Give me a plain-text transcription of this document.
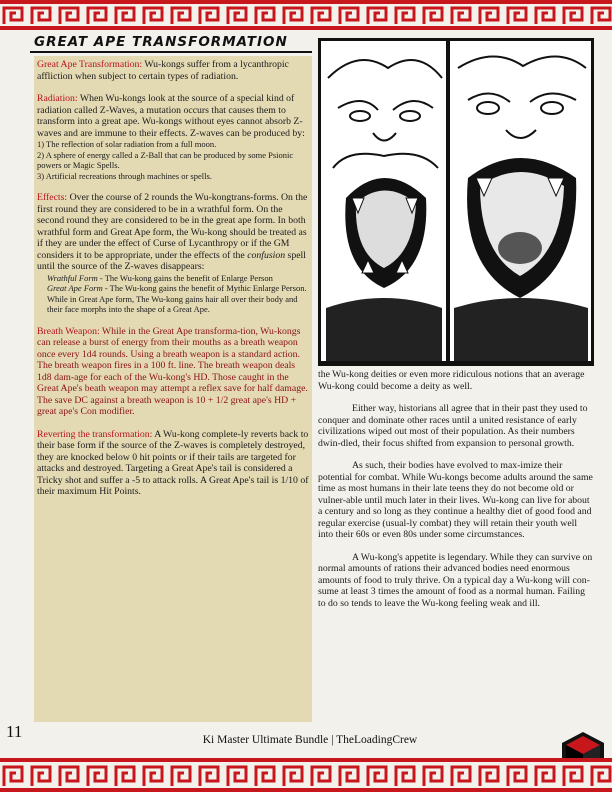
GREAT APE TRANSFORMATION

Great Ape Transformation: Wu-kongs suffer from a lycanthropic affliction when subject to certain types of radiation.

Radiation: When Wu-kongs look at the source of a special kind of radiation called Z-Waves, a mutation occurs that causes them to transform into a great ape. Wu-kongs without eyes cannot absorb Z-waves and are immune to their effects. Z-waves can be produced by:

1) The reflection of solar radiation from a full moon.
2) A sphere of energy called a Z-Ball that can be produced by some Psionic powers or Magic Spells.
3) Artificial recreations through machines or spells.

Effects: Over the course of 2 rounds the Wu-kongtrans-forms. On the first round they are considered to be in a wrathful form. On the second round they are considered to be in the great ape form. In both wrathful form and Great Ape form, the Wu-kong should be treated as if they are under the effect of Curse of Lycanthropy or if the GM considers it to be appropriate, under the effects of the confusion spell until the source of the Z-waves disappears:

Wrathful Form - The Wu-kong gains the benefit of Enlarge Person
Great Ape Form - The Wu-kong gains the benefit of Mythic Enlarge Person. While in Great Ape form, The Wu-kong gains hair all over their body and their face morphs into the shape of a Great Ape.

Breath Weapon: While in the Great Ape transforma-tion, Wu-kongs can release a burst of energy from their mouths as a breath weapon once every 1d4 rounds. Using a breath weapon is a standard action. The breath weapon fires in a 100 ft. line. The breath weapon deals 1d8 dam-age for each of the Wu-kong's HD. Those caught in the Great Ape's beath weapon may attempt a reflex save for half damage. The save DC against a breath weapon is 10 + 1/2 great ape's HD + great ape's Con modifier.

Reverting the transformation: A Wu-kong complete-ly reverts back to their base form if the source of the Z-waves is completely destroyed, they are knocked below 0 hit points or if their tails are targeted for attacks and destroyed. Targeting a Great Ape's tail is considered a Tricky shot and suffer a -5 to attack rolls. A Great Ape's tail is 1/10 of their maximum Hit Points.

the Wu-kong deities or even more ridiculous notions that an average Wu-kong could become a deity as well.

Either way, historians all agree that in their past they used to conquer and dominate other races until a united resistance of early civilizations wiped out most of their population. As their numbers dwin-dled, their focus shifted from expansion to personal growth.

As such, their bodies have evolved to max-imize their potential for combat. While Wu-kongs become adults around the same time as most humans in their late teens they do not become old or vulner-able until much later in their lives. Wu-kong can live for about a century and so long as they continue a healthy diet of good food and regular exercise (usual-ly combat) they will retain their youth well into their 60s or even 80s under some circumstances.

A Wu-kong's appetite is legendary. While they can survive on normal amounts of rations their advanced bodies need enormous amounts of food to truly thrive. On a typical day a Wu-kong will con-sume at least 3 times the amount of food as a normal human. Failing to do so tends to leave the Wu-kong feeling weak and ill.

11	Ki Master Ultimate Bundle | TheLoadingCrew
